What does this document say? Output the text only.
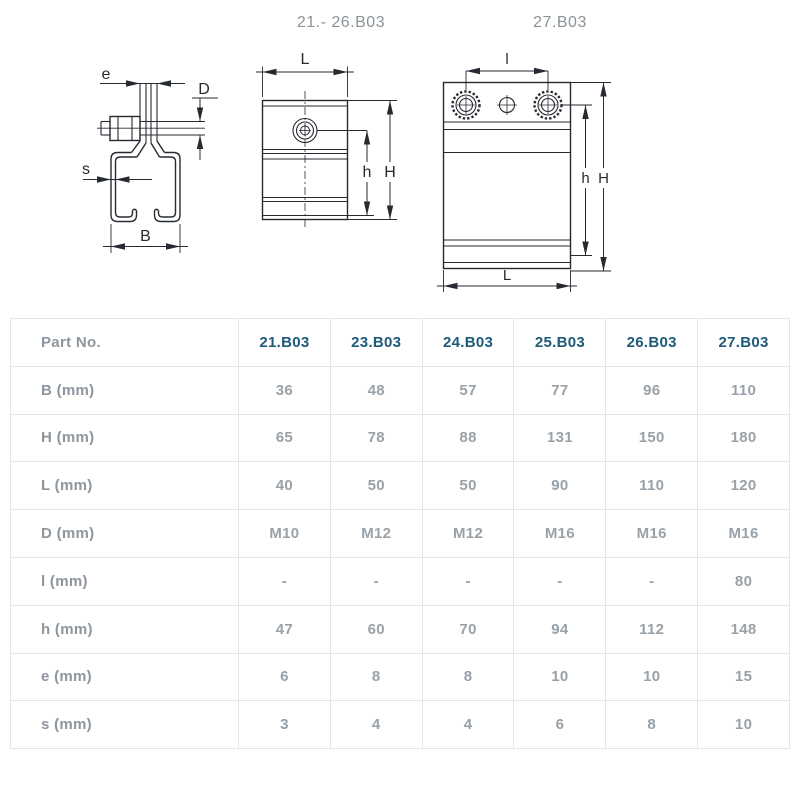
21.- 26.B03	27.B03
e
D
s
B
L
h H
l
h H
L
Part No.	21.B03	23.B03	24.B03	25.B03	26.B03	27.B03
B (mm)	36	48	57	77	96	110
H (mm)	65	78	88	131	150	180
L (mm)	40	50	50	90	110	120
D (mm)	M10	M12	M12	M16	M16	M16
l (mm)	-	-	-	-	-	80
h (mm)	47	60	70	94	112	148
e (mm)	6	8	8	10	10	15
s (mm)	3	4	4	6	8	10
